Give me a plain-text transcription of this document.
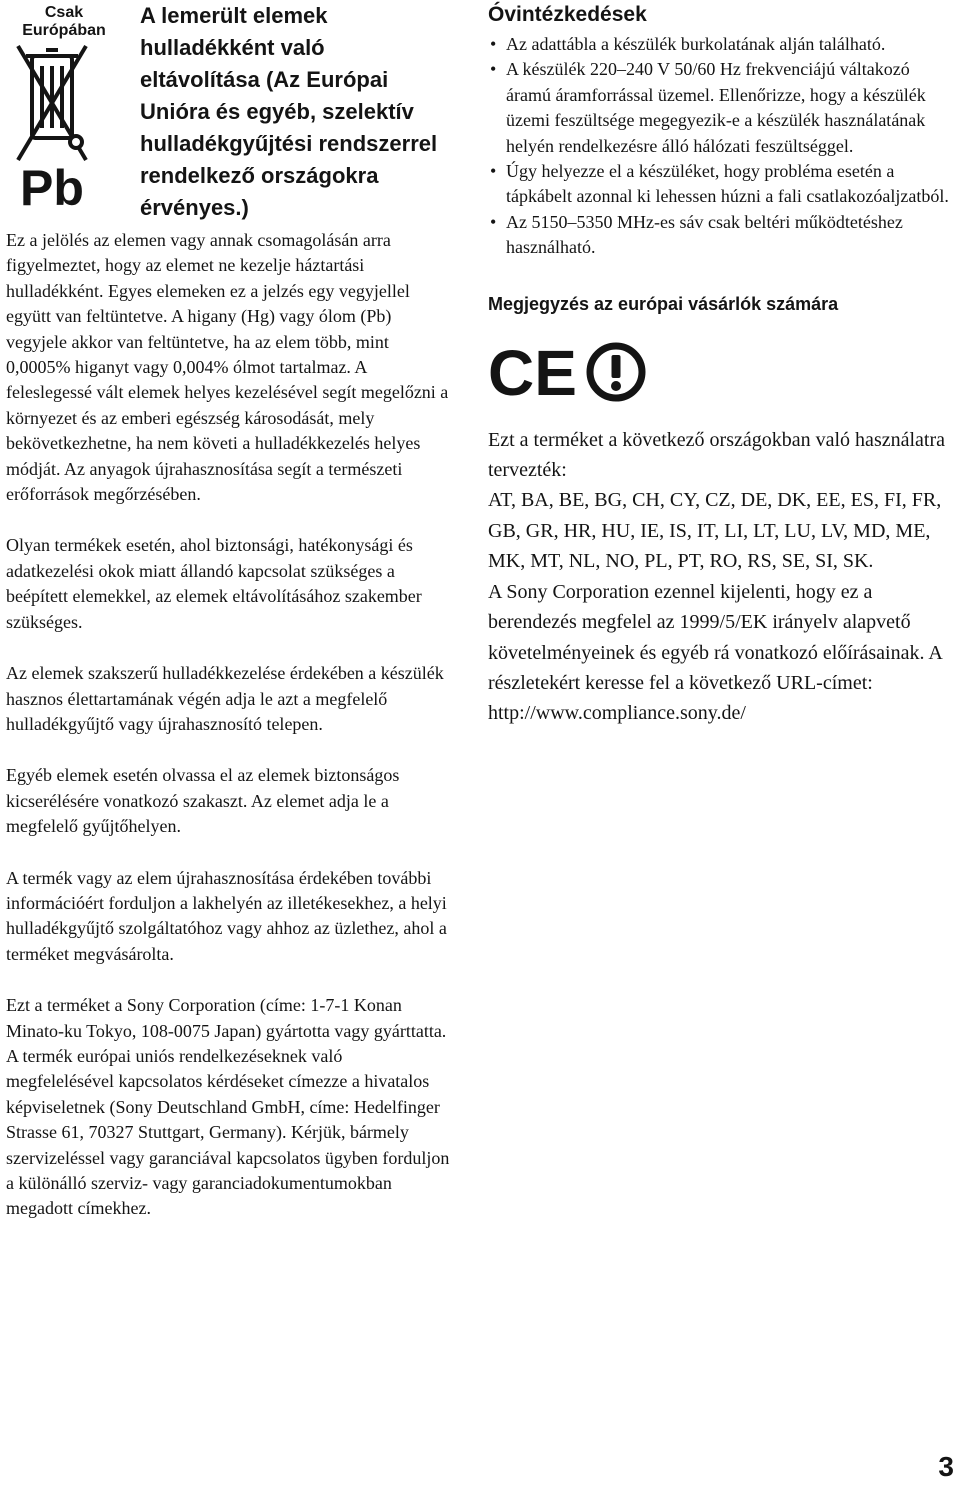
Csak Európában
Pb
A lemerült elemek hulladékként való eltávolítása (Az Európai Unióra és egyéb, szelektív hulladékgyűjtési rendszerrel rendelkező országokra érvényes.)

Ez a jelölés az elemen vagy annak csomagolásán arra figyelmeztet, hogy az elemet ne kezelje háztartási hulladékként. Egyes elemeken ez a jelzés egy vegyjellel együtt van feltüntetve. A higany (Hg) vagy ólom (Pb) vegyjele akkor van feltüntetve, ha az elem több, mint 0,0005% higanyt vagy 0,004% ólmot tartalmaz. A feleslegessé vált elemek helyes kezelésével segít megelőzni a környezet és az emberi egészség károsodását, mely bekövetkezhetne, ha nem követi a hulladékkezelés helyes módját. Az anyagok újrahasznosítása segít a természeti erőforrások megőrzésében.

Olyan termékek esetén, ahol biztonsági, hatékonysági és adatkezelési okok miatt állandó kapcsolat szükséges a beépített elemekkel, az elemek eltávolításához szakember szükséges.

Az elemek szakszerű hulladékkezelése érdekében a készülék hasznos élettartamának végén adja le azt a megfelelő hulladékgyűjtő vagy újrahasznosító telepen.

Egyéb elemek esetén olvassa el az elemek biztonságos kicserélésére vonatkozó szakaszt. Az elemet adja le a megfelelő gyűjtőhelyen.

A termék vagy az elem újrahasznosítása érdekében további információért forduljon a lakhelyén az illetékesekhez, a helyi hulladékgyűjtő szolgáltatóhoz vagy ahhoz az üzlethez, ahol a terméket megvásárolta.

Ezt a terméket a Sony Corporation (címe: 1-7-1 Konan Minato-ku Tokyo, 108-0075 Japan) gyártotta vagy gyárttatta. A termék európai uniós rendelkezéseknek való megfelelésével kapcsolatos kérdéseket címezze a hivatalos képviseletnek (Sony Deutschland GmbH, címe: Hedelfinger Strasse 61, 70327 Stuttgart, Germany). Kérjük, bármely szervizeléssel vagy garanciával kapcsolatos ügyben forduljon a különálló szerviz- vagy garanciadokumentumokban megadott címekhez.

Óvintézkedések
• Az adattábla a készülék burkolatának alján található.
• A készülék 220–240 V 50/60 Hz frekvenciájú váltakozó áramú áramforrással üzemel. Ellenőrizze, hogy a készülék üzemi feszültsége megegyezik-e a készülék használatának helyén rendelkezésre álló hálózati feszültséggel.
• Úgy helyezze el a készüléket, hogy probléma esetén a tápkábelt azonnal ki lehessen húzni a fali csatlakozóaljzatból.
• Az 5150–5350 MHz-es sáv csak beltéri működtetéshez használható.
Megjegyzés az európai vásárlók számára
CE

Ezt a terméket a következő országokban való használatra tervezték:

AT, BA, BE, BG, CH, CY, CZ, DE, DK, EE, ES, FI, FR, GB, GR, HR, HU, IE, IS, IT, LI, LT, LU, LV, MD, ME, MK, MT, NL, NO, PL, PT, RO, RS, SE, SI, SK.

A Sony Corporation ezennel kijelenti, hogy ez a berendezés megfelel az 1999/5/EK irányelv alapvető követelményeinek és egyéb rá vonatkozó előírásainak. A részletekért keresse fel a következő URL-címet: http://www.compliance.sony.de/

3
